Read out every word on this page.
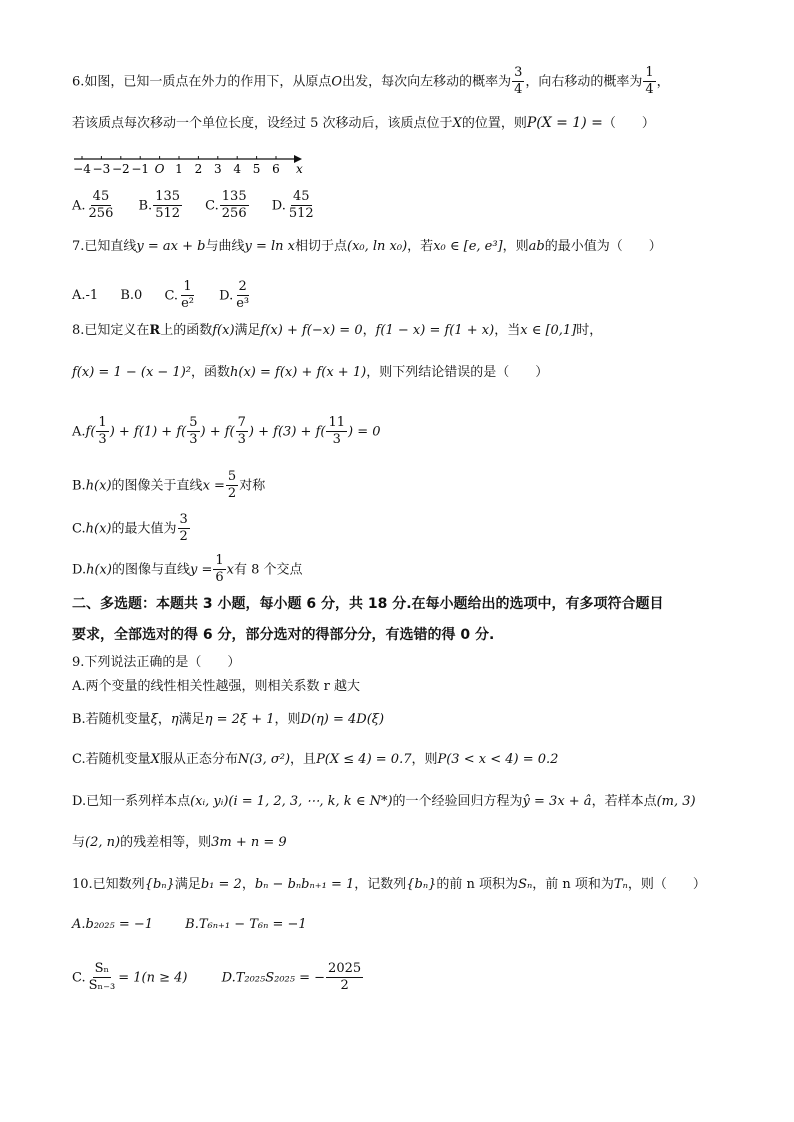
6.如图，已知一质点在外力的作用下，从原点O出发，每次向左移动的概率为 $\frac{3}{4}$ ，向右移动的概率为 $\frac{1}{4}$ ，
若该质点每次移动一个单位长度，设经过 5 次移动后，该质点位于X的位置，则P(X = 1) =（　　）
−4 −3 −2 −1 O 1 2 3 4 5 6 x
A. $\frac{45}{256} B$. $\frac{135}{512} C$. $\frac{135}{256} D$. $\frac{45}{512}$
7.已知直线y = ax + b与曲线y = ln x相切于点(x₀, ln x₀)，若x₀ ∈ [e, e³]，则ab的最小值为（　　）
A.-1 B.0 C. $\frac{1}{\text{e²}} D$. $\frac{2}{\text{e³}}$
8.已知定义在R上的函数f(x)满足f(x) + f(−x) = 0，f(1 − x) = f(1 + x)，当x ∈ [0,1]时，
f(x) = 1 − (x − 1)²，函数h(x) = f(x) + f(x + 1)，则下列结论错误的是（　　）
$A.f( \frac{1}{3}$ ) + $f(1) + f( \frac{5}{3}$ ) + $f( \frac{7}{3}$ ) + $f(3) + f( \frac{11}{3}$ ) = 0
B.h(x)的图像关于直线$x = \frac{5}{2}$ 对称
C.h(x)的最大值为 $\frac{3}{2}$
D.h(x)的图像与直线$y = \frac{1}{6}$ x有 8 个交点
二、多选题：本题共 3 小题，每小题 6 分，共 18 分.在每小题给出的选项中，有多项符合题目
要求，全部选对的得 6 分，部分选对的得部分分，有选错的得 0 分.
9.下列说法正确的是（　　）
A.两个变量的线性相关性越强，则相关系数 r 越大
B.若随机变量ξ，η满足η = 2ξ + 1，则D(η) = 4D(ξ)
C.若随机变量X服从正态分布N(3, σ²)，且P(X ≤ 4) = 0.7，则P(3 < x < 4) = 0.2
D.已知一系列样本点(xᵢ, yᵢ)(i = 1, 2, 3, ⋯, k, k ∈ N*)的一个经验回归方程为ŷ = 3x + â，若样本点(m, 3)
与(2, n)的残差相等，则3m + n = 9
10.已知数列{bₙ}满足b₁ = 2，bₙ − bₙbₙ₊₁ = 1，记数列{bₙ}的前 n 项积为Sₙ，前 n 项和为Tₙ，则（　　）
A.b₂₀₂₅ = −1 B.T₆ₙ₊₁ − T₆ₙ = −1
C. $\frac{\text{Sₙ}}{\text{Sₙ₋₃}} = 1(n \ge 4)$	D.T₂₀₂₅S₂₀₂₅ = − $\frac{2025}{2}$
